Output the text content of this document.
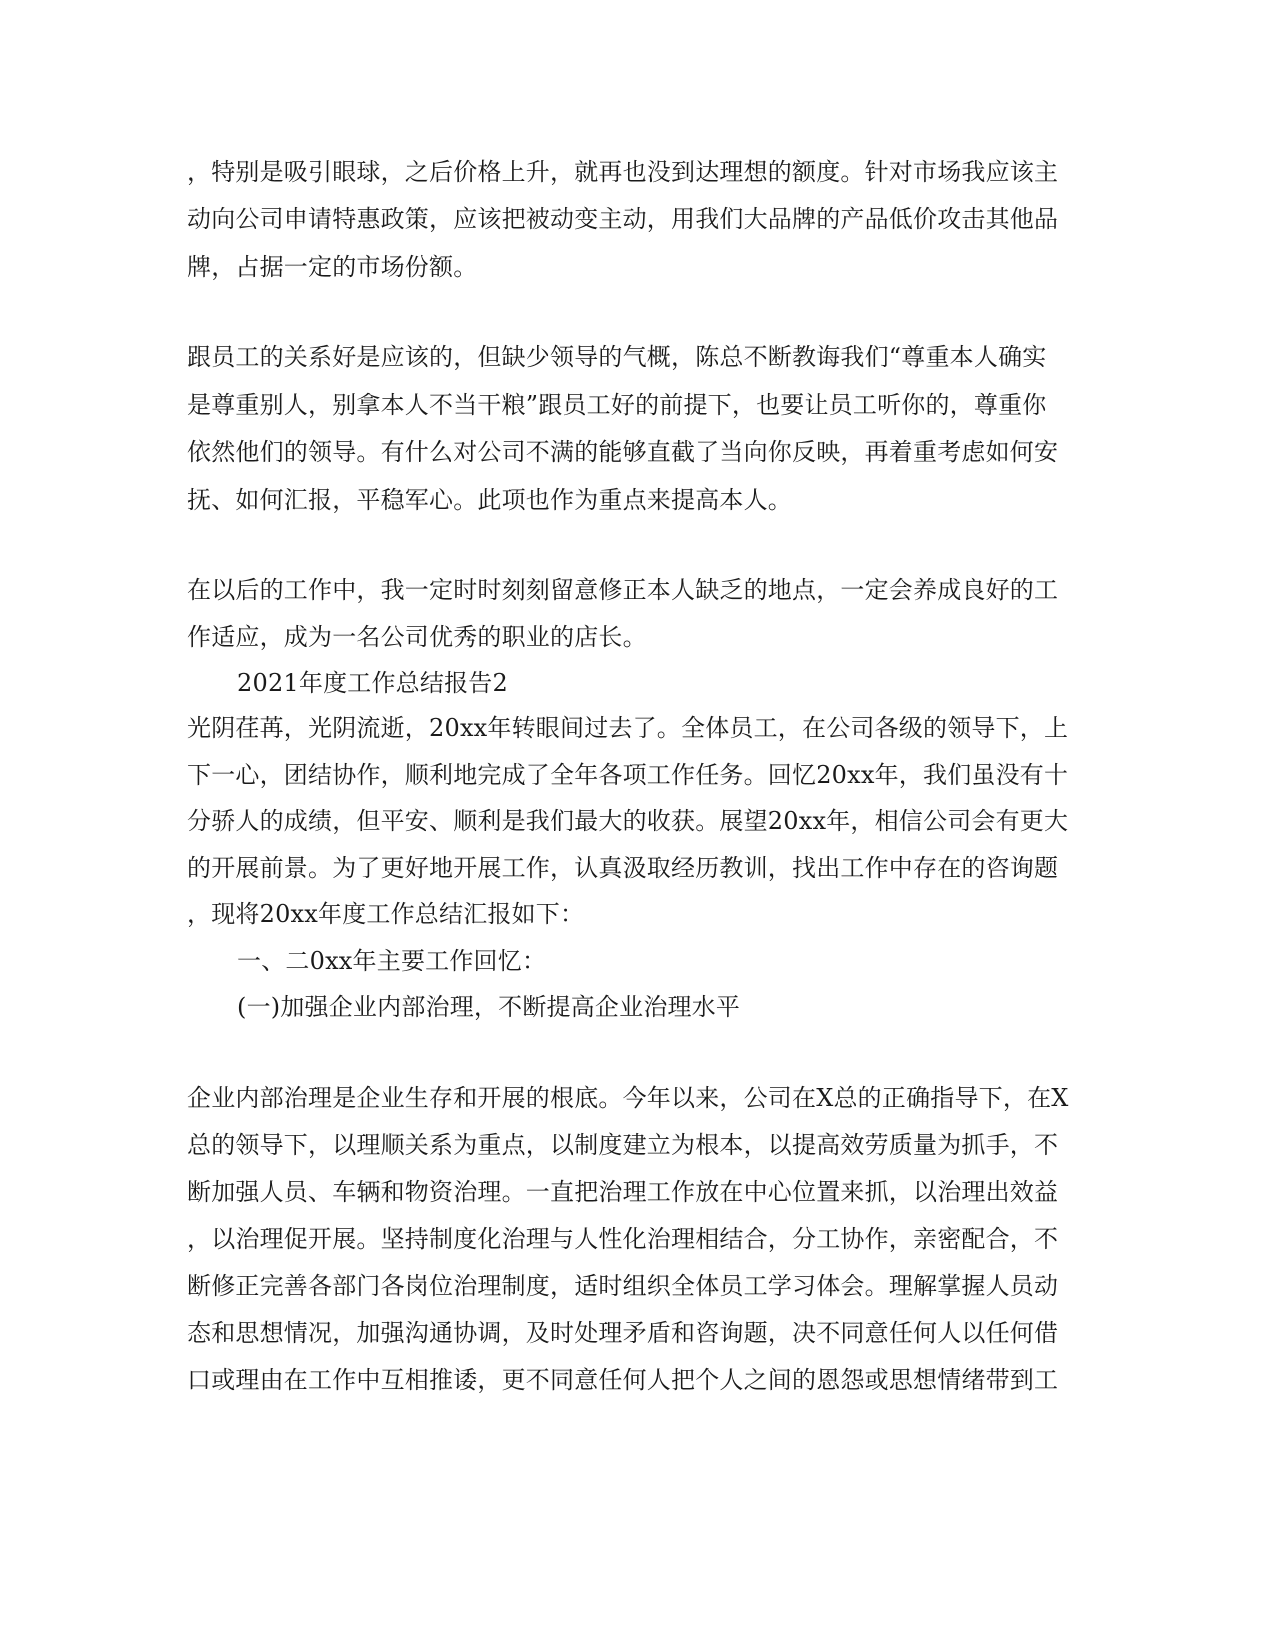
，特别是吸引眼球，之后价格上升，就再也没到达理想的额度。针对市场我应该主
动向公司申请特惠政策，应该把被动变主动，用我们大品牌的产品低价攻击其他品
牌，占据一定的市场份额。
跟员工的关系好是应该的，但缺少领导的气概，陈总不断教诲我们“尊重本人确实
是尊重别人，别拿本人不当干粮”跟员工好的前提下，也要让员工听你的，尊重你
依然他们的领导。有什么对公司不满的能够直截了当向你反映，再着重考虑如何安
抚、如何汇报，平稳军心。此项也作为重点来提高本人。
在以后的工作中，我一定时时刻刻留意修正本人缺乏的地点，一定会养成良好的工
作适应，成为一名公司优秀的职业的店长。
2021年度工作总结报告2
光阴荏苒，光阴流逝，20xx年转眼间过去了。全体员工，在公司各级的领导下，上
下一心，团结协作，顺利地完成了全年各项工作任务。回忆20xx年，我们虽没有十
分骄人的成绩，但平安、顺利是我们最大的收获。展望20xx年，相信公司会有更大
的开展前景。为了更好地开展工作，认真汲取经历教训，找出工作中存在的咨询题
，现将20xx年度工作总结汇报如下：
一、二0xx年主要工作回忆：
(一)加强企业内部治理，不断提高企业治理水平
企业内部治理是企业生存和开展的根底。今年以来，公司在X总的正确指导下，在X
总的领导下，以理顺关系为重点，以制度建立为根本，以提高效劳质量为抓手，不
断加强人员、车辆和物资治理。一直把治理工作放在中心位置来抓，以治理出效益
，以治理促开展。坚持制度化治理与人性化治理相结合，分工协作，亲密配合，不
断修正完善各部门各岗位治理制度，适时组织全体员工学习体会。理解掌握人员动
态和思想情况，加强沟通协调，及时处理矛盾和咨询题，决不同意任何人以任何借
口或理由在工作中互相推诿，更不同意任何人把个人之间的恩怨或思想情绪带到工
